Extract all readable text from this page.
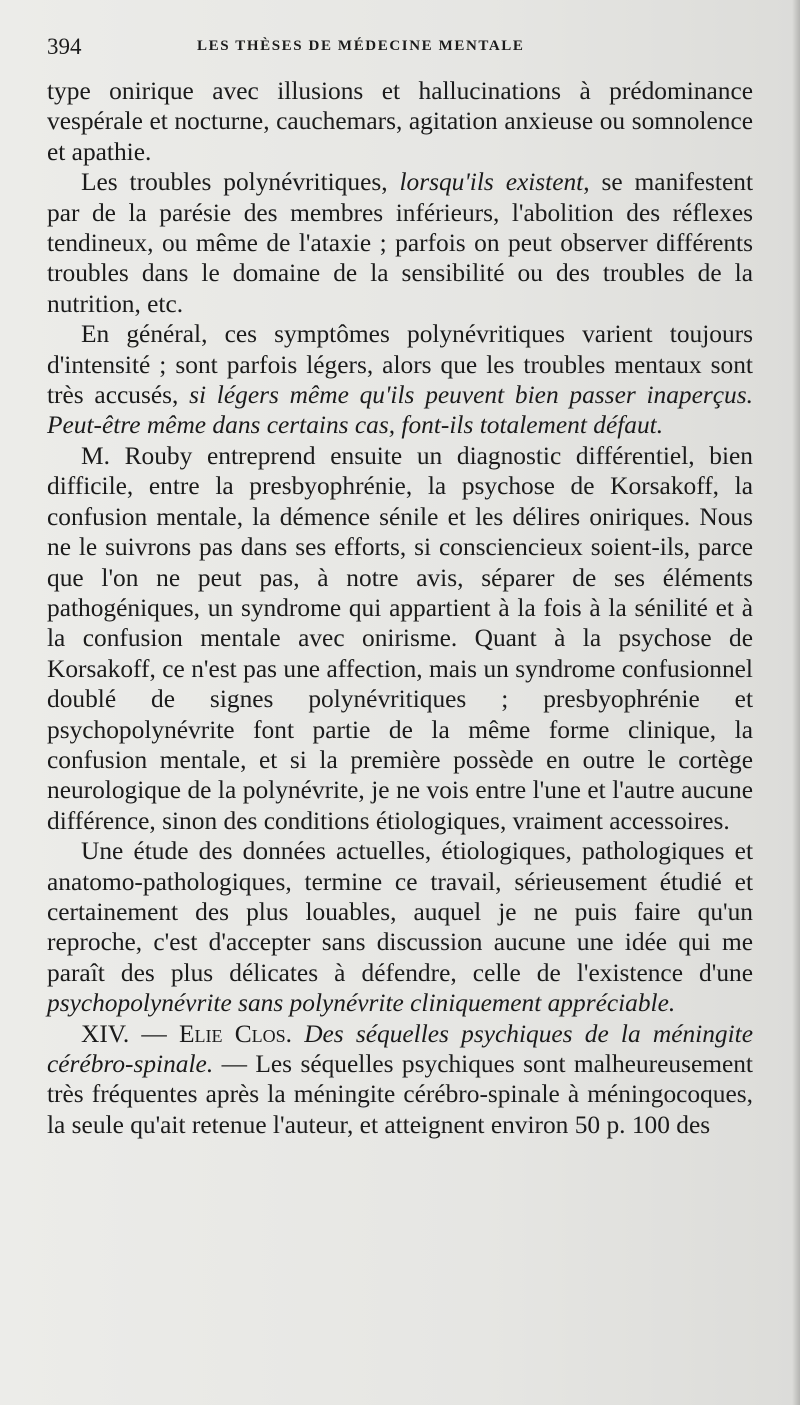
394	LES THÈSES DE MÉDECINE MENTALE

type onirique avec illusions et hallucinations à prédominance vespérale et nocturne, cauchemars, agitation anxieuse ou somnolence et apathie.

Les troubles polynévritiques, lorsqu'ils existent, se manifestent par de la parésie des membres inférieurs, l'abolition des réflexes tendineux, ou même de l'ataxie ; parfois on peut observer différents troubles dans le domaine de la sensibilité ou des troubles de la nutrition, etc.

En général, ces symptômes polynévritiques varient toujours d'intensité ; sont parfois légers, alors que les troubles mentaux sont très accusés, si légers même qu'ils peuvent bien passer inaperçus. Peut-être même dans certains cas, font-ils totalement défaut.

M. Rouby entreprend ensuite un diagnostic différentiel, bien difficile, entre la presbyophrénie, la psychose de Korsakoff, la confusion mentale, la démence sénile et les délires oniriques. Nous ne le suivrons pas dans ses efforts, si consciencieux soient-ils, parce que l'on ne peut pas, à notre avis, séparer de ses éléments pathogéniques, un syndrome qui appartient à la fois à la sénilité et à la confusion mentale avec onirisme. Quant à la psychose de Korsakoff, ce n'est pas une affection, mais un syndrome confusionnel doublé de signes polynévritiques ; presbyophrénie et psychopolynévrite font partie de la même forme clinique, la confusion mentale, et si la première possède en outre le cortège neurologique de la polynévrite, je ne vois entre l'une et l'autre aucune différence, sinon des conditions étiologiques, vraiment accessoires.

Une étude des données actuelles, étiologiques, pathologiques et anatomo-pathologiques, termine ce travail, sérieusement étudié et certainement des plus louables, auquel je ne puis faire qu'un reproche, c'est d'accepter sans discussion aucune une idée qui me paraît des plus délicates à défendre, celle de l'existence d'une psychopolynévrite sans polynévrite cliniquement appréciable.

XIV. — Elie Clos. Des séquelles psychiques de la méningite cérébro-spinale. — Les séquelles psychiques sont malheureusement très fréquentes après la méningite cérébro-spinale à méningocoques, la seule qu'ait retenue l'auteur, et atteignent environ 50 p. 100 des
